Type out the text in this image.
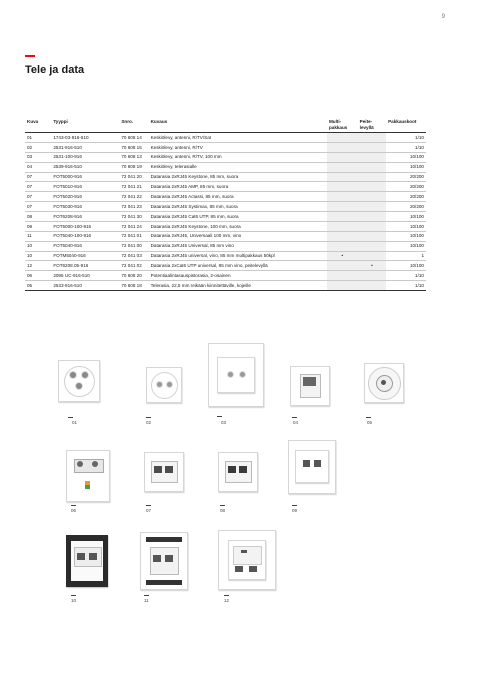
9
Tele ja data
Kuva	Tyyppi	Snro.	Kuvaus	Multi-
pakkaus	Peite-
levyllä	Pakkauskoot
01	1743-03-916-510	70 608 14	Keskiölevy, antenni, R/TV/Sat			1/10
02	2531-916-510	70 608 15	Keskiölevy, antenni, R/TV			1/10
03	2531-100-916	70 608 13	Keskiölevy, antenni, R/TV, 100 mm			10/100
04	2539-916-510	70 608 19	Keskiölevy, telerasialle			10/100
07	FOT5000-916	72 041 20	Datarasia 2xRJ45 Keystone, 85 mm, suora			20/200
07	FOT5010-916	72 041 21	Datarasia 2xRJ45 AMP, 85 mm, suora			20/200
07	FOT5020-916	72 041 22	Datarasia 2xRJ45 Actassi, 85 mm, suora			20/200
07	FOT5030-916	72 041 23	Datarasia 2xRJ45 Systimax, 85 mm, suora			20/200
08	FOT6208-916	72 041 30	Datarasia 2xRJ45 Cat6 UTP, 85 mm, suora			10/100
09	FOT5000-100-916	72 041 24	Datarasia 2xRJ45 Keystone, 100 mm, suora			10/100
11	FOT5040-100-916	72 041 01	Datarasia 2xRJ45, Universaali 100 mm, vino			10/100
10	FOT5040-916	72 041 00	Datarasia 2xRJ45 Universal, 85 mm vino			10/100
10	FOTM5040-916	72 041 03	Datarasia 2xRJ45 universal, vino, 85 mm multipakkaus 50kpl	•		1
12	FOT6208.05-916	72 041 02	Datarasia 2xCat6 UTP universal, 85 mm vino, peitelevyllä		•	10/100
06	2095 UC-916-510	70 608 20	Potentiaalintasauspistorasia, 2-osainen			1/10
05	2533-916-510	70 608 18	Telerasia, 22,5 mm reikään kiinnitettäville, kojeille			1/10
01	02	03	04	05
06	07	08	09
10	11	12
